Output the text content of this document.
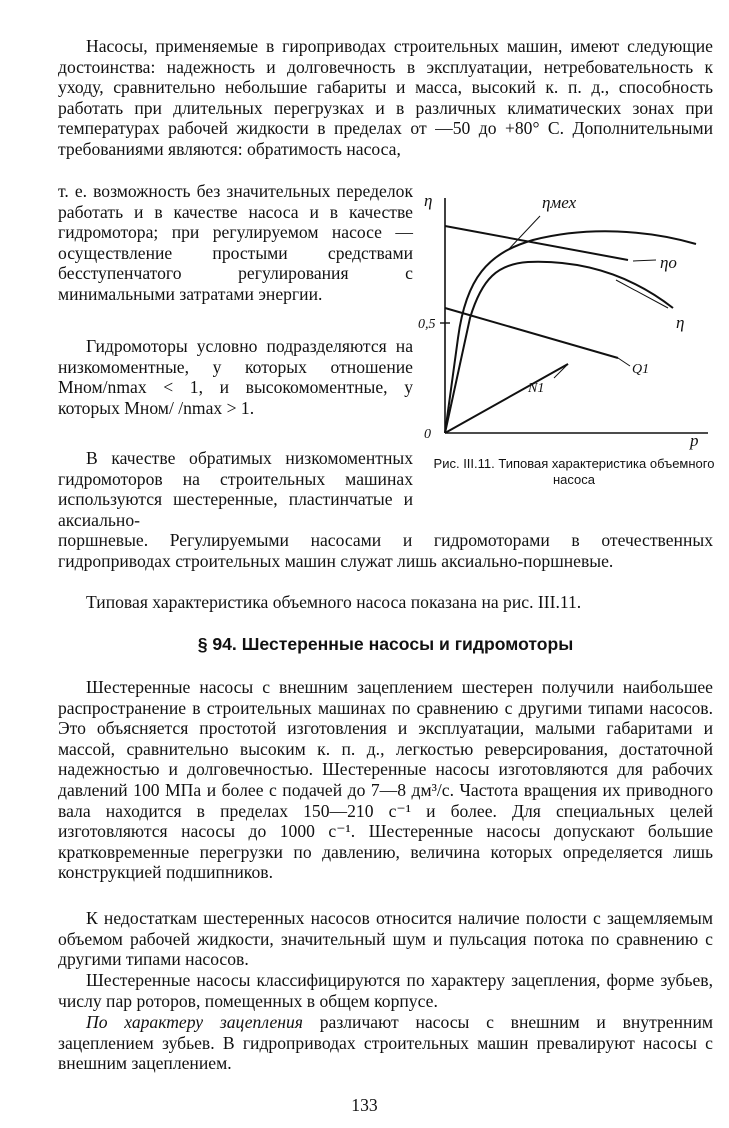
Насосы, применяемые в гироприводах строительных машин, имеют следующие достоинства: надежность и долговечность в эксплуатации, нетребовательность к уходу, сравнительно небольшие габариты и масса, высокий к. п. д., способность работать при длительных перегрузках и в различных климатических зонах при температурах рабочей жидкости в пределах от —50 до +80° C. Дополнительными требованиями являются: обратимость насоса,

т. е. возможность без значительных переделок работать и в качестве насоса и в качестве гидромотора; при регулируемом насосе — осуществление простыми средствами бесступенчатого регулирования с минимальными затратами энергии.

Гидромоторы условно подразделяются на низкомоментные, у которых отношение Мном/nmax < 1, и высокомоментные, у которых Мном/ /nmax > 1.

В качестве обратимых низкомоментных гидромоторов на строительных машинах используются шестеренные, пластинчатые и аксиально-

поршневые. Регулируемыми насосами и гидромоторами в отечественных гидроприводах строительных машин служат лишь аксиально-поршневые.

Типовая характеристика объемного насоса показана на рис. III.11.

η
p
0
0,5
ηмех
ηо
η
Q1
N1
Рис. III.11. Типовая характеристика объемного насоса
§ 94. Шестеренные насосы и гидромоторы

Шестеренные насосы с внешним зацеплением шестерен получили наибольшее распространение в строительных машинах по сравнению с другими типами насосов. Это объясняется простотой изготовления и эксплуатации, малыми габаритами и массой, сравнительно высоким к. п. д., легкостью реверсирования, достаточной надежностью и долговечностью. Шестеренные насосы изготовляются для рабочих давлений 100 МПа и более с подачей до 7—8 дм³/с. Частота вращения их приводного вала находится в пределах 150—210 с⁻¹ и более. Для специальных целей изготовляются насосы до 1000 с⁻¹. Шестеренные насосы допускают большие кратковременные перегрузки по давлению, величина которых определяется лишь конструкцией подшипников.

К недостаткам шестеренных насосов относится наличие полости с защемляемым объемом рабочей жидкости, значительный шум и пульсация потока по сравнению с другими типами насосов.

Шестеренные насосы классифицируются по характеру зацепления, форме зубьев, числу пар роторов, помещенных в общем корпусе.

По характеру зацепления различают насосы с внешним и внутренним зацеплением зубьев. В гидроприводах строительных машин превалируют насосы с внешним зацеплением.

133
